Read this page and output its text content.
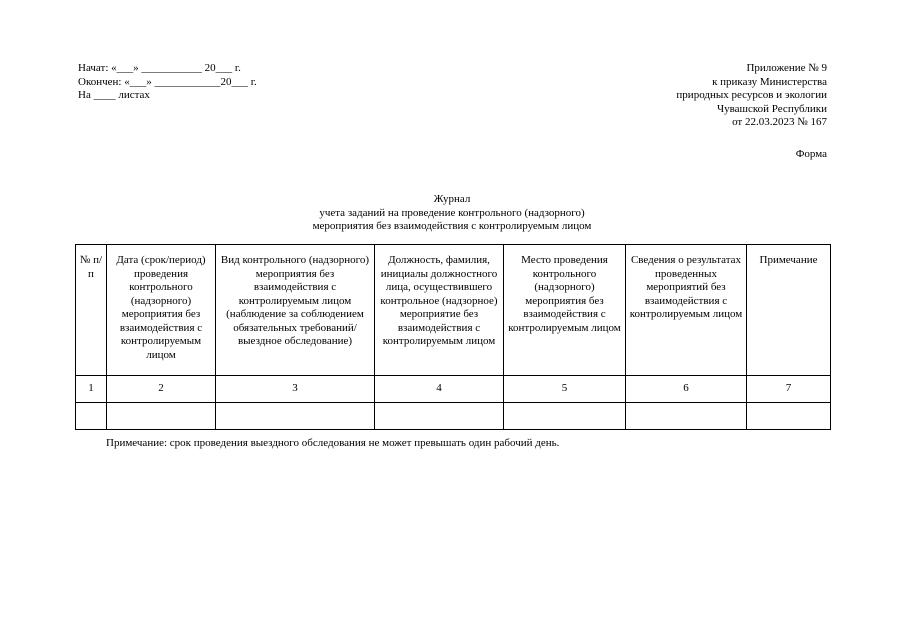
Начат: «___» ___________ 20___ г.
Окончен: «___» ____________20___ г.
На ____ листах
Приложение № 9
к приказу Министерства
природных ресурсов и экологии
Чувашской Республики
от 22.03.2023 № 167
Форма
Журнал
учета заданий на проведение контрольного (надзорного)
мероприятия без взаимодействия с контролируемым лицом
№ п/п	Дата (срок/период) проведения контрольного (надзорного) мероприятия без взаимодействия с контролируемым лицом	Вид контрольного (надзорного) мероприятия без взаимодействия с контролируемым лицом (наблюдение за соблюдением обязательных требований/выездное обследование)	Должность, фамилия, инициалы должностного лица, осуществившего контрольное (надзорное) мероприятие без взаимодействия с контролируемым лицом	Место проведения контрольного (надзорного) мероприятия без взаимодействия с контролируемым лицом	Сведения о результатах проведенных мероприятий без взаимодействия с контролируемым лицом	Примечание
1	2	3	4	5	6	7

Примечание: срок проведения выездного обследования не может превышать один рабочий день.
